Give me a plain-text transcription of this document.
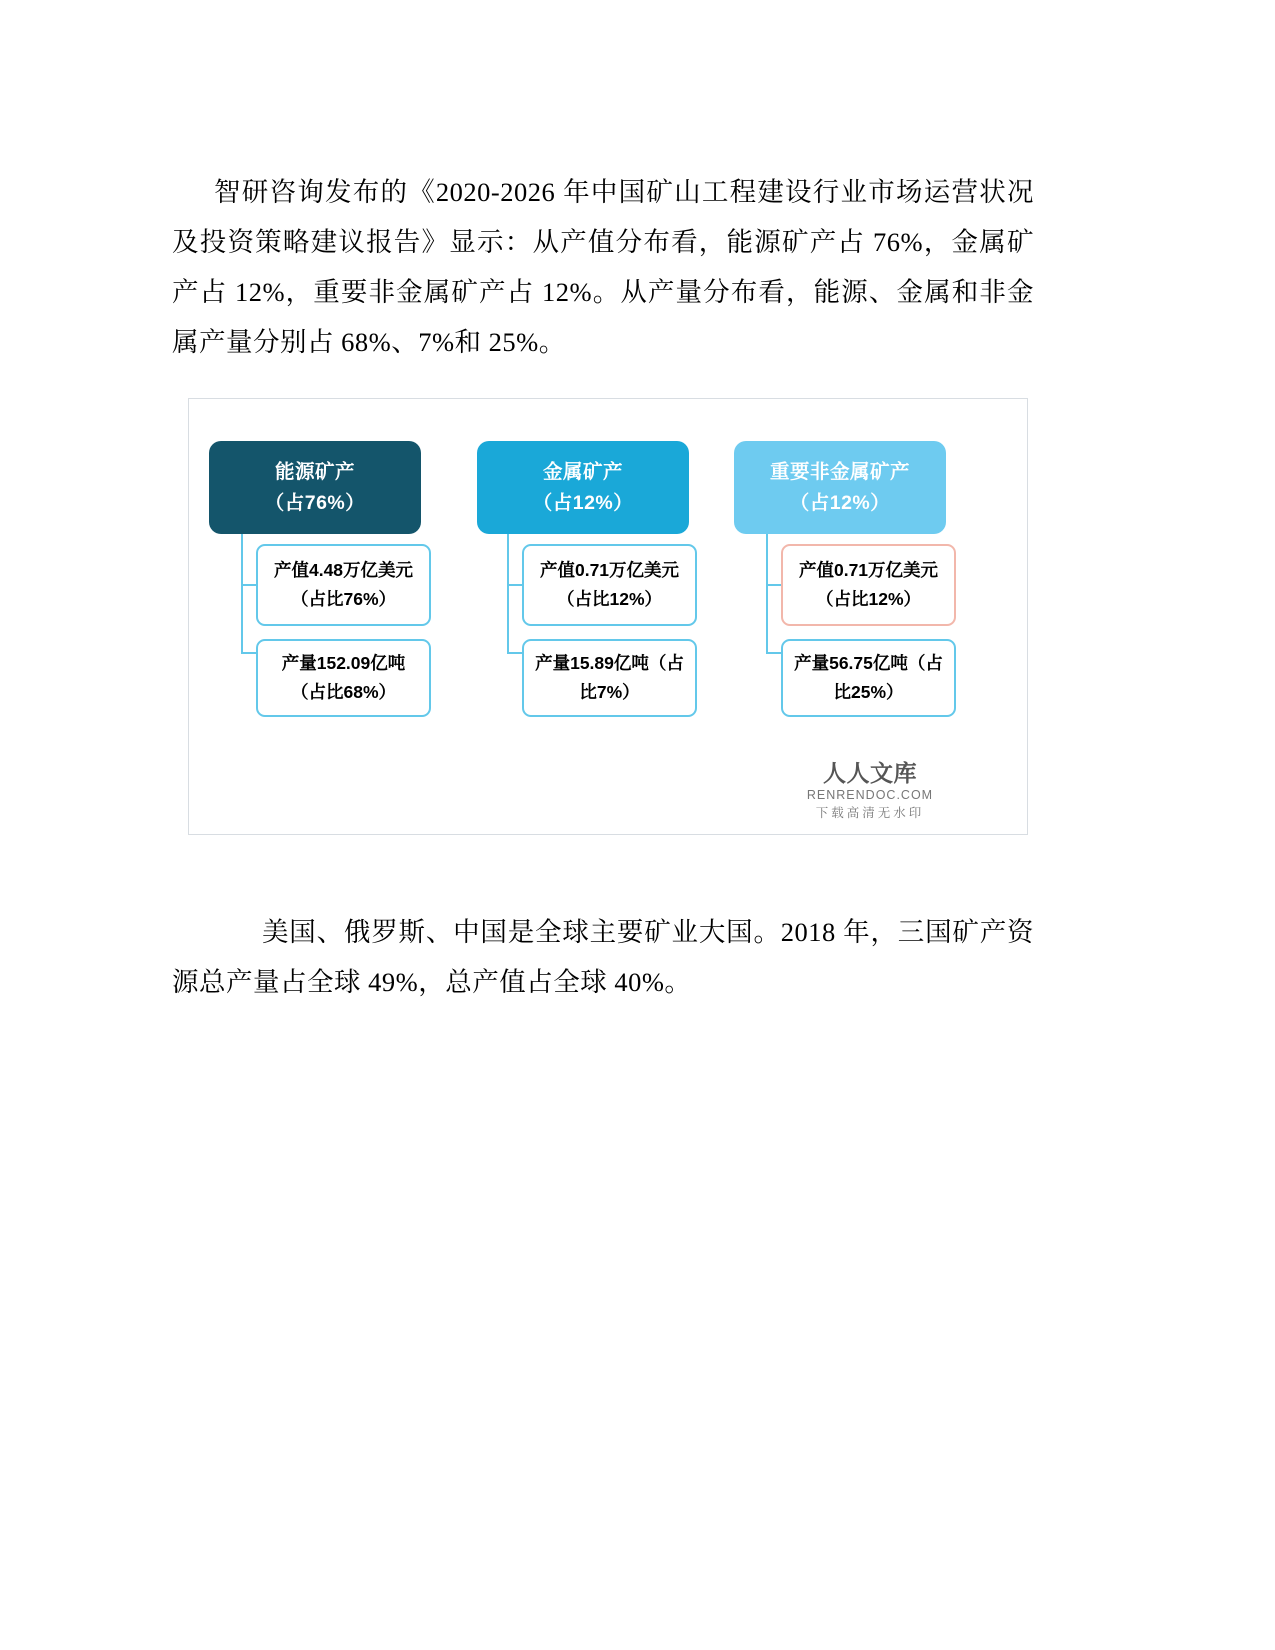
智研咨询发布的《2020-2026 年中国矿山工程建设行业市场运营状况及投资策略建议报告》显示：从产值分布看，能源矿产占 76%，金属矿产占 12%，重要非金属矿产占 12%。从产量分布看，能源、金属和非金属产量分别占 68%、7%和 25%。

能源矿产
（占76%）
产值4.48万亿美元（占比76%）
产量152.09亿吨（占比68%）
金属矿产
（占12%）
产值0.71万亿美元（占比12%）
产量15.89亿吨（占比7%）
重要非金属矿产
（占12%）
产值0.71万亿美元（占比12%）
产量56.75亿吨（占比25%）
人人文库
RENRENDOC.COM
下载高清无水印

美国、俄罗斯、中国是全球主要矿业大国。2018 年，三国矿产资源总产量占全球 49%，总产值占全球 40%。
